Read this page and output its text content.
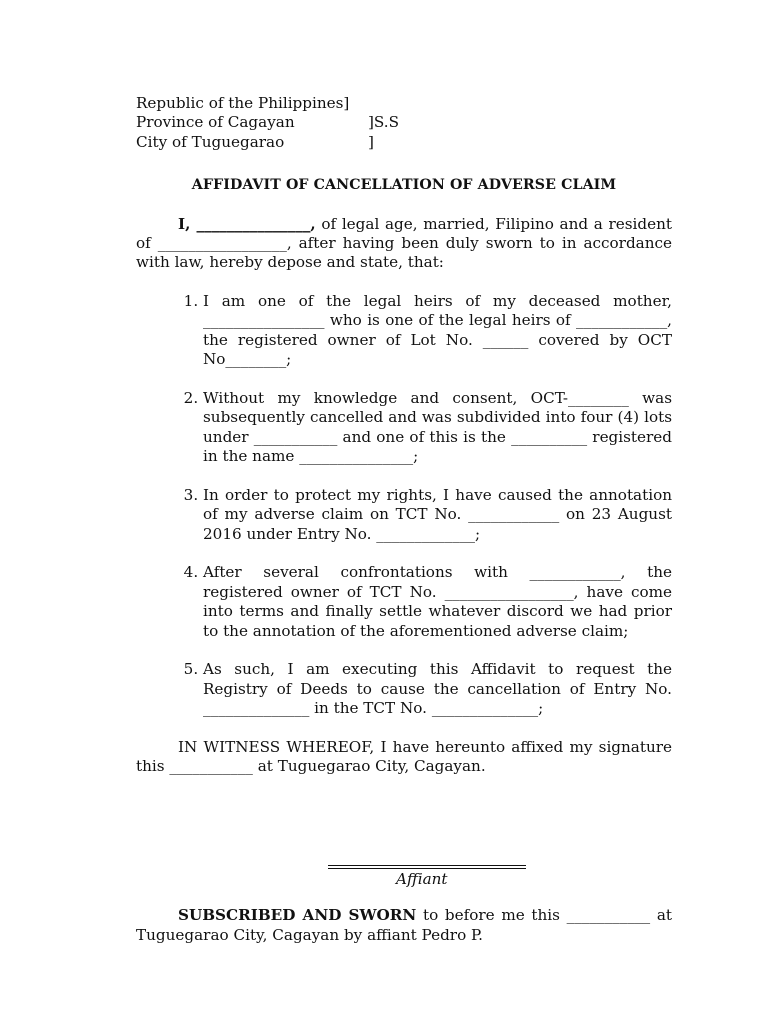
Republic of the Philippines]
Province of Cagayan	]S.S
City of Tuguegarao	]
AFFIDAVIT OF CANCELLATION OF ADVERSE CLAIM

I, _______________, of legal age, married, Filipino and a resident of _________________, after having been duly sworn to in accordance with law, hereby depose and state, that:

1. I am one of the legal heirs of my deceased mother, ________________ who is one of the legal heirs of ____________, the registered owner of Lot No. ______ covered by OCT No________;
2. Without my knowledge and consent, OCT-________ was subsequently cancelled and was subdivided into four (4) lots under ___________ and one of this is the __________ registered in the name _______________;
3. In order to protect my rights, I have caused the annotation of my adverse claim on TCT No. ____________ on 23 August 2016 under Entry No. _____________;
4. After several confrontations with ____________, the registered owner of TCT No. _________________, have come into terms and finally settle whatever discord we had prior to the annotation of the aforementioned adverse claim;
5. As such, I am executing this Affidavit to request the Registry of Deeds to cause the cancellation of Entry No. ______________ in the TCT No. ______________;

IN WITNESS WHEREOF, I have hereunto affixed my signature this ___________ at Tuguegarao City, Cagayan.

Affiant

SUBSCRIBED AND SWORN to before me this ___________ at Tuguegarao City, Cagayan by affiant Pedro P.
